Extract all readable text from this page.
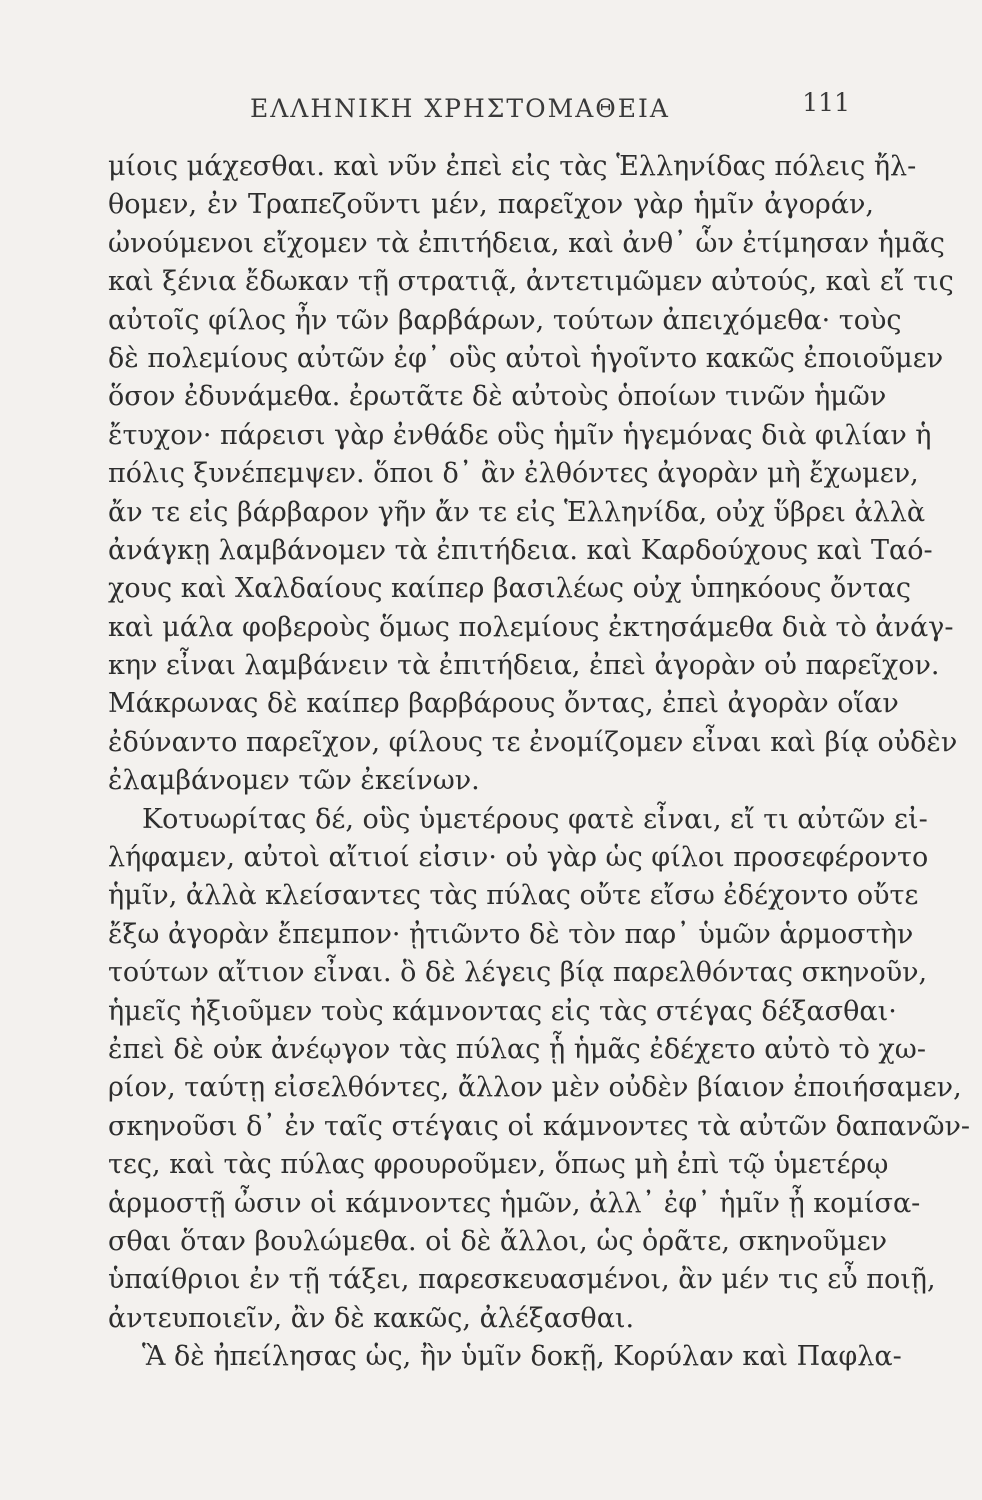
ΕΛΛΗΝΙΚΗ ΧΡΗΣΤΟΜΑΘΕΙΑ	111
μίοις μάχεσθαι. καὶ νῦν ἐπεὶ εἰς τὰς Ἑλληνίδας πόλεις ἤλ-
θομεν, ἐν Τραπεζοῦντι μέν, παρεῖχον γὰρ ἡμῖν ἀγοράν,
ὠνούμενοι εἴχομεν τὰ ἐπιτήδεια, καὶ ἀνθ᾽ ὧν ἐτίμησαν ἡμᾶς
καὶ ξένια ἔδωκαν τῇ στρατιᾷ, ἀντετιμῶμεν αὐτούς, καὶ εἴ τις
αὐτοῖς φίλος ἦν τῶν βαρβάρων, τούτων ἀπειχόμεθα· τοὺς
δὲ πολεμίους αὐτῶν ἐφ᾽ οὓς αὐτοὶ ἡγοῖντο κακῶς ἐποιοῦμεν
ὅσον ἐδυνάμεθα. ἐρωτᾶτε δὲ αὐτοὺς ὁποίων τινῶν ἡμῶν
ἔτυχον· πάρεισι γὰρ ἐνθάδε οὓς ἡμῖν ἡγεμόνας διὰ φιλίαν ἡ
πόλις ξυνέπεμψεν. ὅποι δ᾽ ἂν ἐλθόντες ἀγορὰν μὴ ἔχωμεν,
ἄν τε εἰς βάρβαρον γῆν ἄν τε εἰς Ἑλληνίδα, οὐχ ὕβρει ἀλλὰ
ἀνάγκῃ λαμβάνομεν τὰ ἐπιτήδεια. καὶ Καρδούχους καὶ Ταό-
χους καὶ Χαλδαίους καίπερ βασιλέως οὐχ ὑπηκόους ὄντας
καὶ μάλα φοβεροὺς ὅμως πολεμίους ἐκτησάμεθα διὰ τὸ ἀνάγ-
κην εἶναι λαμβάνειν τὰ ἐπιτήδεια, ἐπεὶ ἀγορὰν οὐ παρεῖχον.
Μάκρωνας δὲ καίπερ βαρβάρους ὄντας, ἐπεὶ ἀγορὰν οἵαν
ἐδύναντο παρεῖχον, φίλους τε ἐνομίζομεν εἶναι καὶ βίᾳ οὐδὲν
ἐλαμβάνομεν τῶν ἐκείνων.
Κοτυωρίτας δέ, οὓς ὑμετέρους φατὲ εἶναι, εἴ τι αὐτῶν εἰ-
λήφαμεν, αὐτοὶ αἴτιοί εἰσιν· οὐ γὰρ ὡς φίλοι προσεφέροντο
ἡμῖν, ἀλλὰ κλείσαντες τὰς πύλας οὔτε εἴσω ἐδέχοντο οὔτε
ἔξω ἀγορὰν ἔπεμπον· ᾐτιῶντο δὲ τὸν παρ᾽ ὑμῶν ἁρμοστὴν
τούτων αἴτιον εἶναι. ὃ δὲ λέγεις βίᾳ παρελθόντας σκηνοῦν,
ἡμεῖς ἠξιοῦμεν τοὺς κάμνοντας εἰς τὰς στέγας δέξασθαι·
ἐπεὶ δὲ οὐκ ἀνέῳγον τὰς πύλας ᾗ ἡμᾶς ἐδέχετο αὐτὸ τὸ χω-
ρίον, ταύτῃ εἰσελθόντες, ἄλλον μὲν οὐδὲν βίαιον ἐποιήσαμεν,
σκηνοῦσι δ᾽ ἐν ταῖς στέγαις οἱ κάμνοντες τὰ αὐτῶν δαπανῶν-
τες, καὶ τὰς πύλας φρουροῦμεν, ὅπως μὴ ἐπὶ τῷ ὑμετέρῳ
ἁρμοστῇ ὦσιν οἱ κάμνοντες ἡμῶν, ἀλλ᾽ ἐφ᾽ ἡμῖν ᾖ κομίσα-
σθαι ὅταν βουλώμεθα. οἱ δὲ ἄλλοι, ὡς ὁρᾶτε, σκηνοῦμεν
ὑπαίθριοι ἐν τῇ τάξει, παρεσκευασμένοι, ἂν μέν τις εὖ ποιῇ,
ἀντευποιεῖν, ἂν δὲ κακῶς, ἀλέξασθαι.
Ἃ δὲ ἠπείλησας ὡς, ἢν ὑμῖν δοκῇ, Κορύλαν καὶ Παφλα-
